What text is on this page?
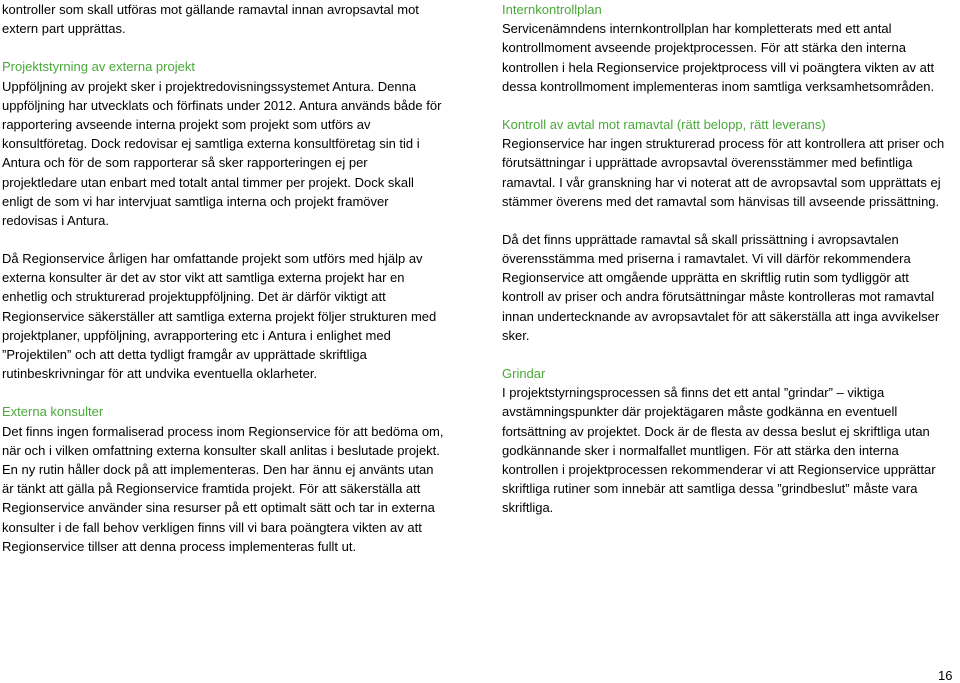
kontroller som skall utföras mot gällande ramavtal innan avropsavtal mot
extern part upprättas.
Projektstyrning av externa projekt
Uppföljning av projekt sker i projektredovisningssystemet Antura. Denna
uppföljning har utvecklats och förfinats under 2012. Antura används både för
rapportering avseende interna projekt som projekt som utförs av
konsultföretag. Dock redovisar ej samtliga externa konsultföretag sin tid i
Antura och för de som rapporterar så sker rapporteringen ej per
projektledare utan enbart med totalt antal timmer per projekt. Dock skall
enligt de som vi har intervjuat samtliga interna och projekt framöver
redovisas i Antura.
Då Regionservice årligen har omfattande projekt som utförs med hjälp av
externa konsulter är det av stor vikt att samtliga externa projekt har en
enhetlig och strukturerad projektuppföljning. Det är därför viktigt att
Regionservice säkerställer att samtliga externa projekt följer strukturen med
projektplaner, uppföljning, avrapportering etc i Antura i enlighet med
”Projektilen” och att detta tydligt framgår av upprättade skriftliga
rutinbeskrivningar för att undvika eventuella oklarheter.
Externa konsulter
Det finns ingen formaliserad process inom Regionservice för att bedöma om,
när och i vilken omfattning externa konsulter skall anlitas i beslutade projekt.
En ny rutin håller dock på att implementeras. Den har ännu ej använts utan
är tänkt att gälla på Regionservice framtida projekt. För att säkerställa att
Regionservice använder sina resurser på ett optimalt sätt och tar in externa
konsulter i de fall behov verkligen finns vill vi bara poängtera vikten av att
Regionservice tillser att denna process implementeras fullt ut.
Internkontrollplan
Servicenämndens internkontrollplan har kompletterats med ett antal
kontrollmoment avseende projektprocessen. För att stärka den interna
kontrollen i hela Regionservice projektprocess vill vi poängtera vikten av att
dessa kontrollmoment implementeras inom samtliga verksamhetsområden.
Kontroll av avtal mot ramavtal (rätt belopp, rätt leverans)
Regionservice har ingen strukturerad process för att kontrollera att priser och
förutsättningar i upprättade avropsavtal överensstämmer med befintliga
ramavtal. I vår granskning har vi noterat att de avropsavtal som upprättats ej
stämmer överens med det ramavtal som hänvisas till avseende prissättning.
Då det finns upprättade ramavtal så skall prissättning i avropsavtalen
överensstämma med priserna i ramavtalet. Vi vill därför rekommendera
Regionservice att omgående upprätta en skriftlig rutin som tydliggör att
kontroll av priser och andra förutsättningar måste kontrolleras mot ramavtal
innan undertecknande av avropsavtalet för att säkerställa att inga avvikelser
sker.
Grindar
I projektstyrningsprocessen så finns det ett antal ”grindar” – viktiga
avstämningspunkter där projektägaren måste godkänna en eventuell
fortsättning av projektet. Dock är de flesta av dessa beslut ej skriftliga utan
godkännande sker i normalfallet muntligen. För att stärka den interna
kontrollen i projektprocessen rekommenderar vi att Regionservice upprättar
skriftliga rutiner som innebär att samtliga dessa ”grindbeslut” måste vara
skriftliga.
16
